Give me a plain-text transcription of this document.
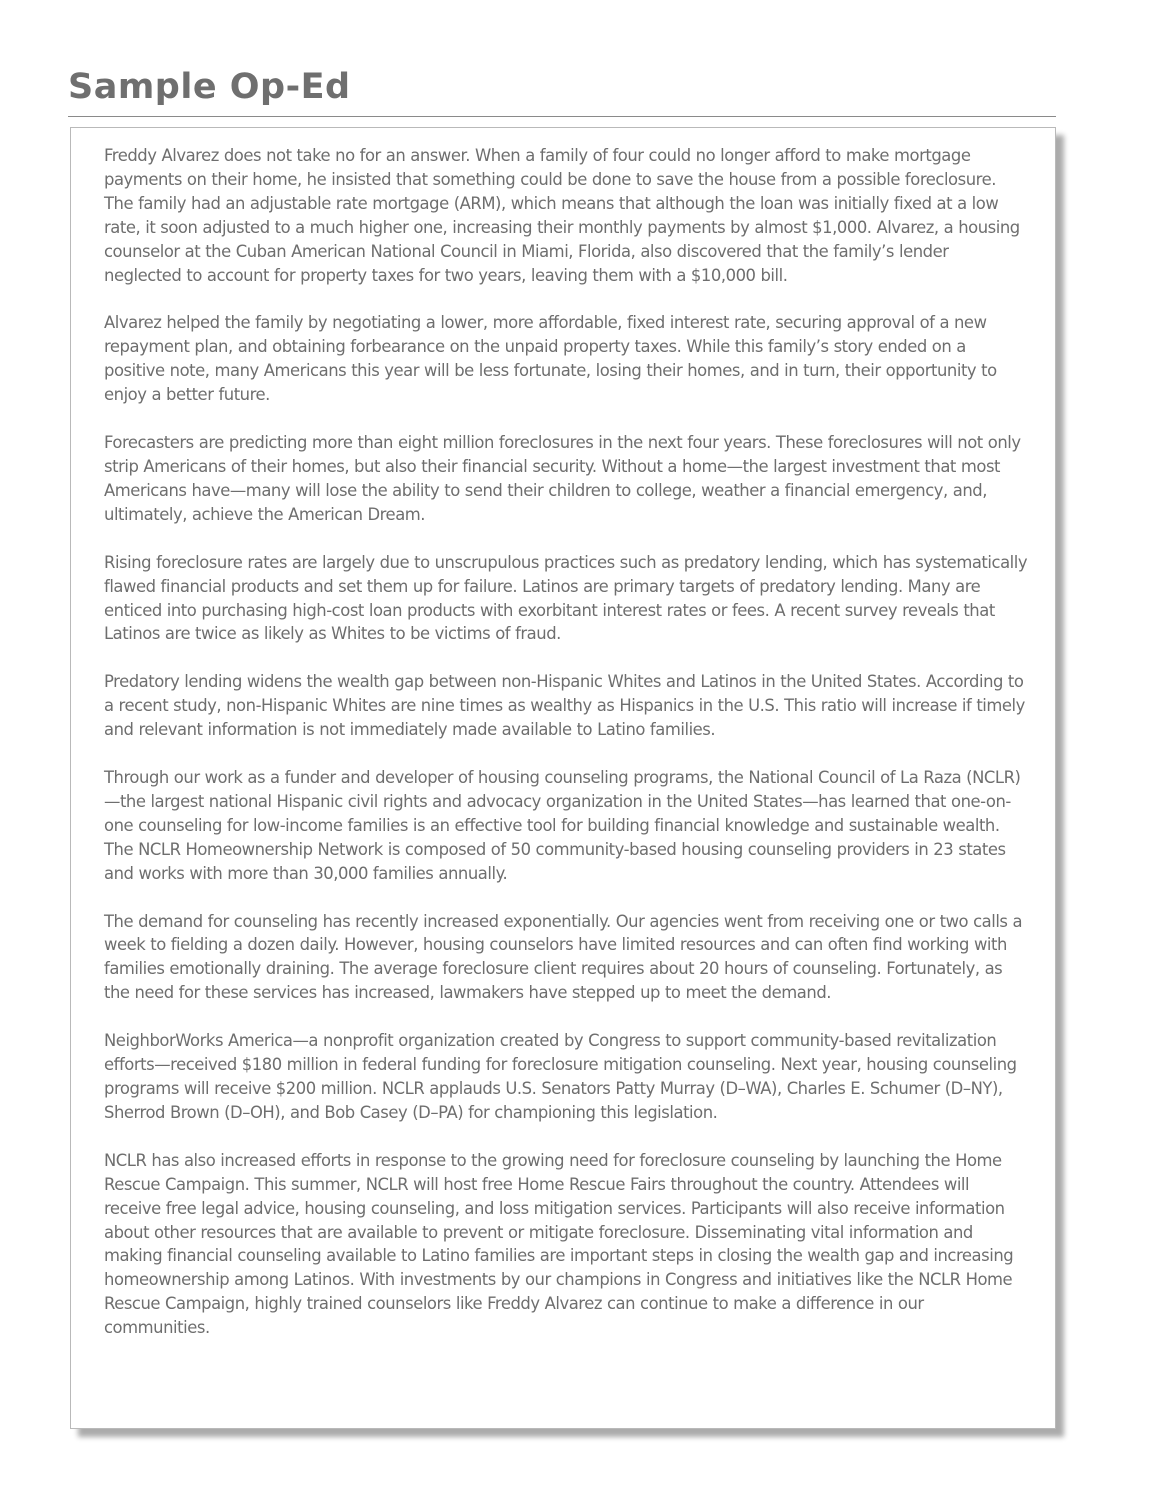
Sample Op-Ed

Freddy Alvarez does not take no for an answer. When a family of four could no longer afford to make mortgage payments on their home, he insisted that something could be done to save the house from a possible foreclosure. The family had an adjustable rate mortgage (ARM), which means that although the loan was initially fixed at a low rate, it soon adjusted to a much higher one, increasing their monthly payments by almost $1,000. Alvarez, a housing counselor at the Cuban American National Council in Miami, Florida, also discovered that the family’s lender neglected to account for property taxes for two years, leaving them with a $10,000 bill.

Alvarez helped the family by negotiating a lower, more affordable, fixed interest rate, securing approval of a new repayment plan, and obtaining forbearance on the unpaid property taxes. While this family’s story ended on a positive note, many Americans this year will be less fortunate, losing their homes, and in turn, their opportunity to enjoy a better future.

Forecasters are predicting more than eight million foreclosures in the next four years. These foreclosures will not only strip Americans of their homes, but also their financial security. Without a home—the largest investment that most Americans have—many will lose the ability to send their children to college, weather a financial emergency, and, ultimately, achieve the American Dream.

Rising foreclosure rates are largely due to unscrupulous practices such as predatory lending, which has systematically flawed financial products and set them up for failure. Latinos are primary targets of predatory lending. Many are enticed into purchasing high-cost loan products with exorbitant interest rates or fees. A recent survey reveals that Latinos are twice as likely as Whites to be victims of fraud.

Predatory lending widens the wealth gap between non-Hispanic Whites and Latinos in the United States. According to a recent study, non-Hispanic Whites are nine times as wealthy as Hispanics in the U.S. This ratio will increase if timely and relevant information is not immediately made available to Latino families.

Through our work as a funder and developer of housing counseling programs, the National Council of La Raza (NCLR)—the largest national Hispanic civil rights and advocacy organization in the United States—has learned that one-on-one counseling for low-income families is an effective tool for building financial knowledge and sustainable wealth. The NCLR Homeownership Network is composed of 50 community-based housing counseling providers in 23 states and works with more than 30,000 families annually.

The demand for counseling has recently increased exponentially. Our agencies went from receiving one or two calls a week to fielding a dozen daily. However, housing counselors have limited resources and can often find working with families emotionally draining. The average foreclosure client requires about 20 hours of counseling. Fortunately, as the need for these services has increased, lawmakers have stepped up to meet the demand.

NeighborWorks America—a nonprofit organization created by Congress to support community-based revitalization efforts—received $180 million in federal funding for foreclosure mitigation counseling. Next year, housing counseling programs will receive $200 million. NCLR applauds U.S. Senators Patty Murray (D–WA), Charles E. Schumer (D–NY), Sherrod Brown (D–OH), and Bob Casey (D–PA) for championing this legislation.

NCLR has also increased efforts in response to the growing need for foreclosure counseling by launching the Home Rescue Campaign. This summer, NCLR will host free Home Rescue Fairs throughout the country. Attendees will receive free legal advice, housing counseling, and loss mitigation services. Participants will also receive information about other resources that are available to prevent or mitigate foreclosure. Disseminating vital information and making financial counseling available to Latino families are important steps in closing the wealth gap and increasing homeownership among Latinos. With investments by our champions in Congress and initiatives like the NCLR Home Rescue Campaign, highly trained counselors like Freddy Alvarez can continue to make a difference in our communities.
